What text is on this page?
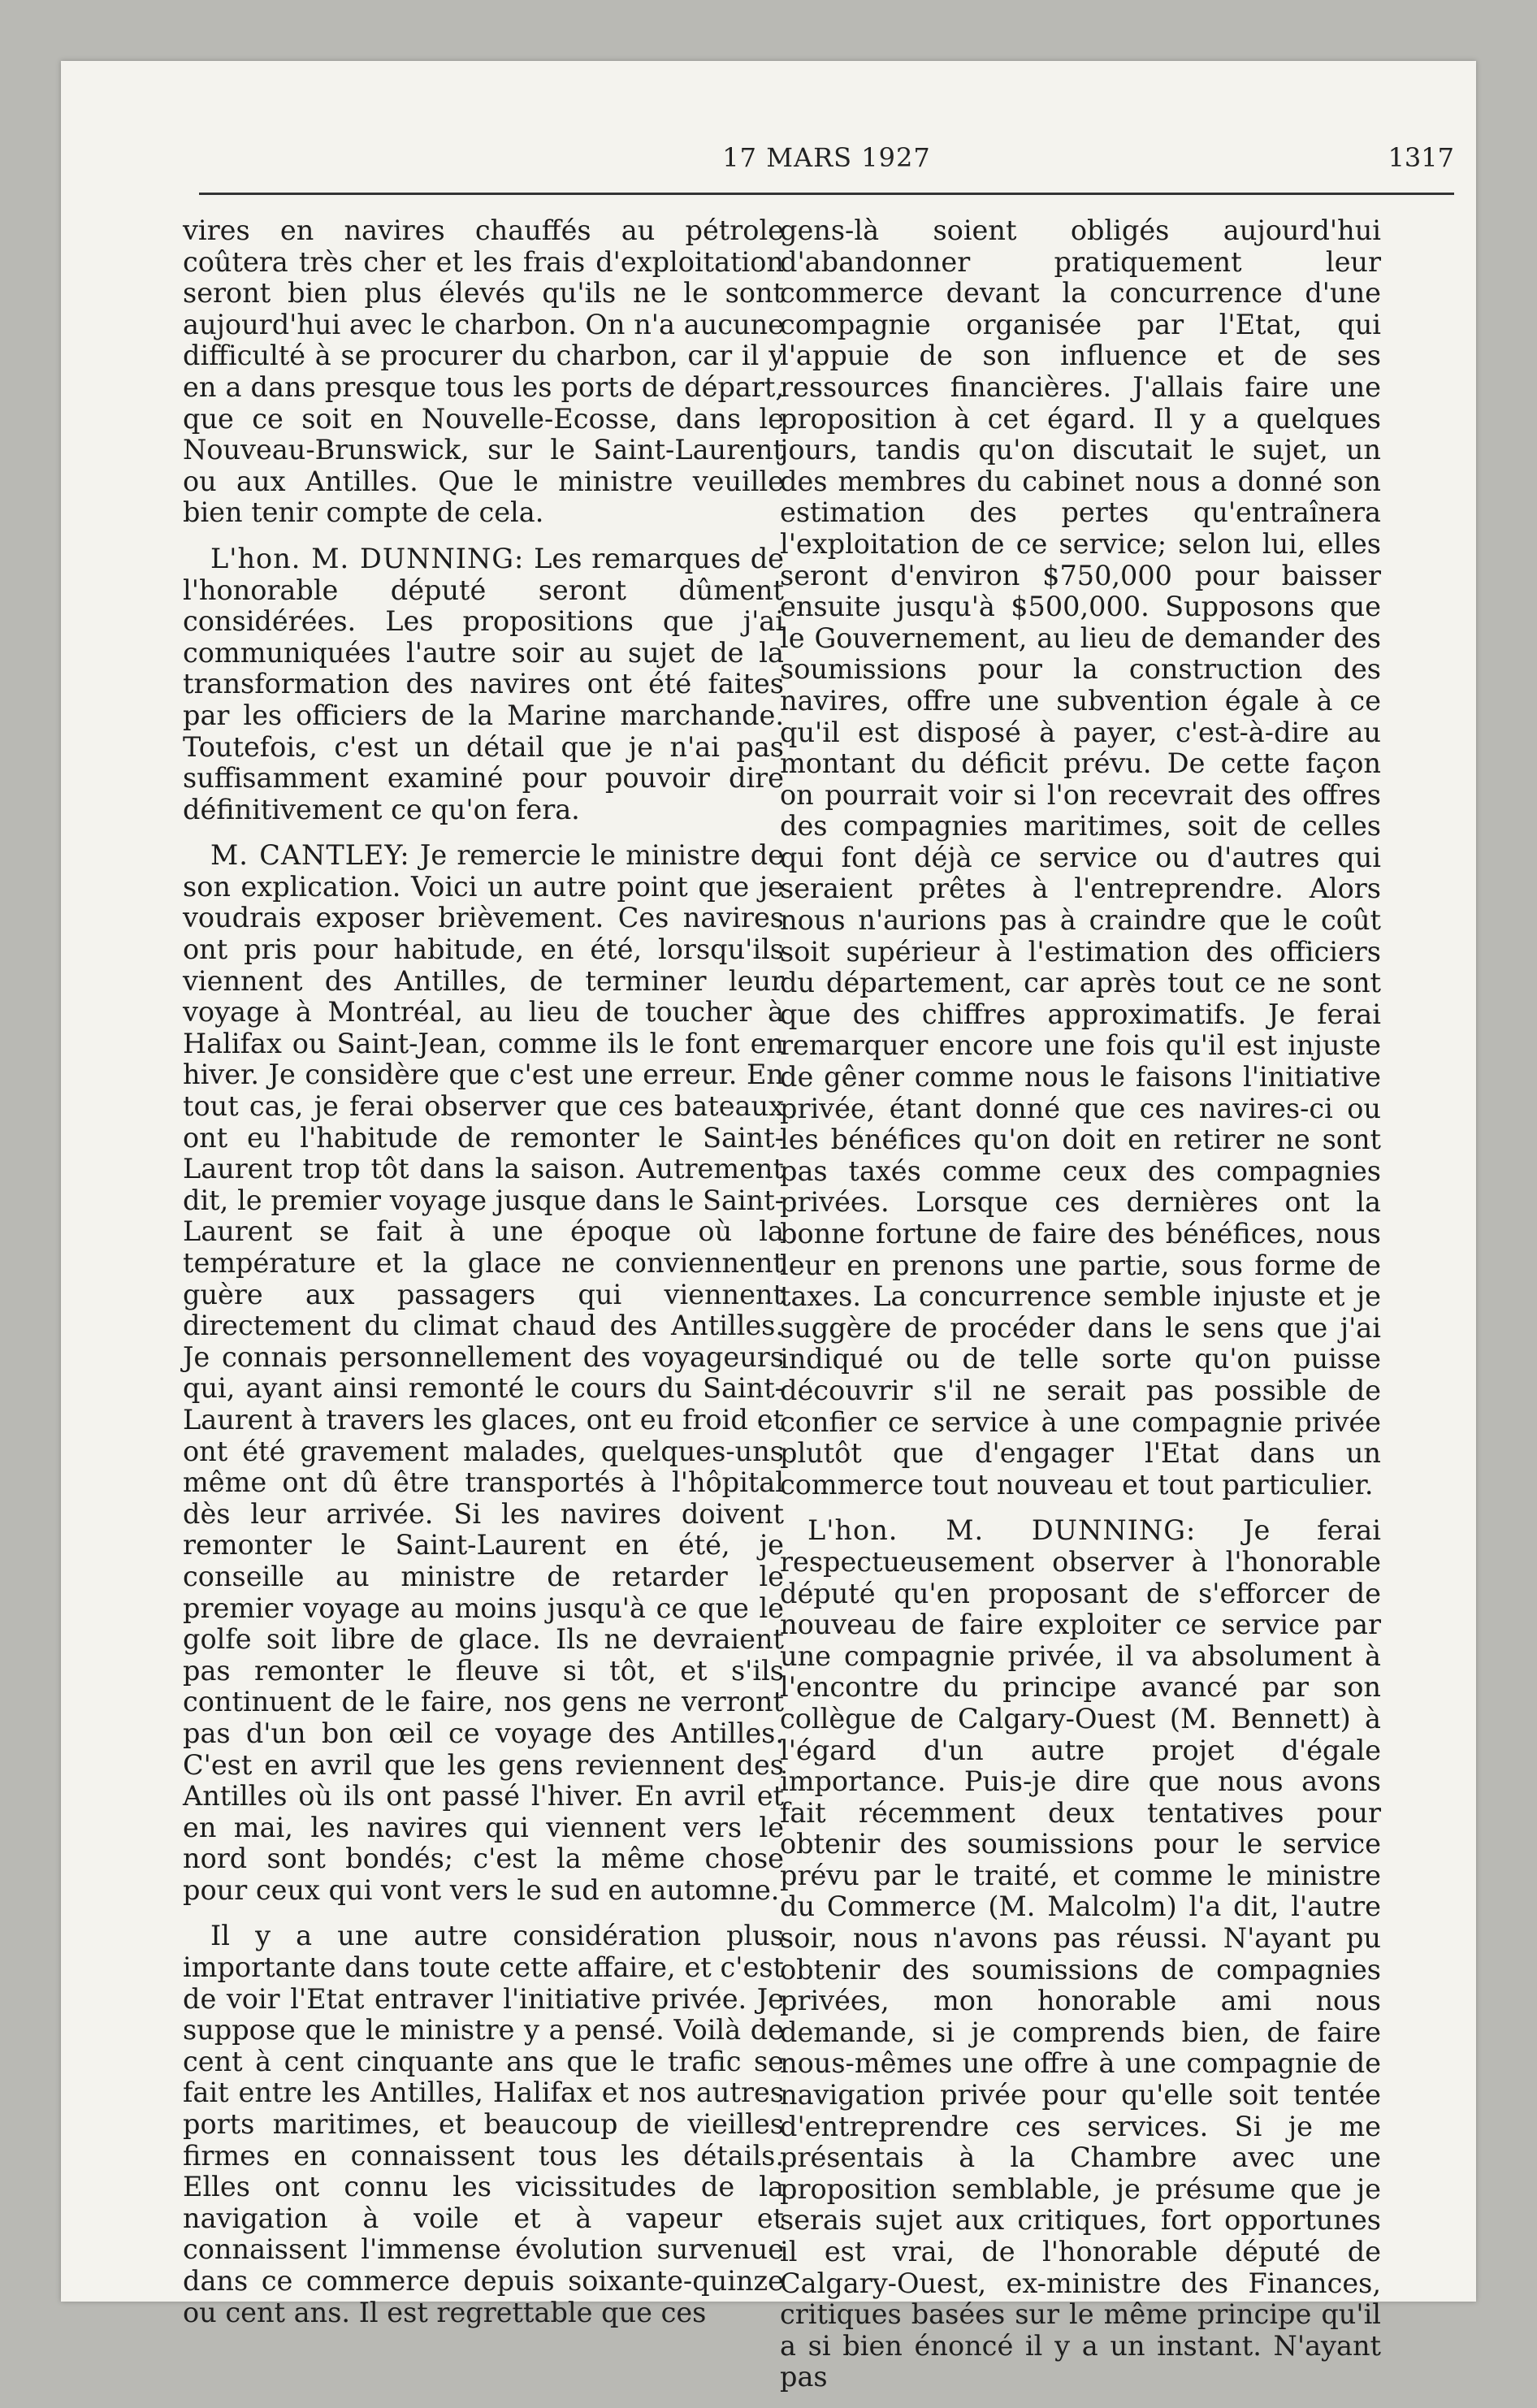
17 MARS 1927	1317

vires en navires chauffés au pétrole coûtera très cher et les frais d'exploitation seront bien plus élevés qu'ils ne le sont aujourd'hui avec le charbon. On n'a aucune difficulté à se procurer du charbon, car il y en a dans presque tous les ports de départ, que ce soit en Nouvelle-Ecosse, dans le Nouveau-Brunswick, sur le Saint-Laurent ou aux Antilles. Que le ministre veuille bien tenir compte de cela.

L'hon. M. DUNNING: Les remarques de l'honorable député seront dûment considérées. Les propositions que j'ai communiquées l'autre soir au sujet de la transformation des navires ont été faites par les officiers de la Marine marchande. Toutefois, c'est un détail que je n'ai pas suffisamment examiné pour pouvoir dire définitivement ce qu'on fera.

M. CANTLEY: Je remercie le ministre de son explication. Voici un autre point que je voudrais exposer brièvement. Ces navires ont pris pour habitude, en été, lorsqu'ils viennent des Antilles, de terminer leur voyage à Montréal, au lieu de toucher à Halifax ou Saint-Jean, comme ils le font en hiver. Je considère que c'est une erreur. En tout cas, je ferai observer que ces bateaux ont eu l'habitude de remonter le Saint-Laurent trop tôt dans la saison. Autrement dit, le premier voyage jusque dans le Saint-Laurent se fait à une époque où la température et la glace ne conviennent guère aux passagers qui viennent directement du climat chaud des Antilles. Je connais personnellement des voyageurs qui, ayant ainsi remonté le cours du Saint-Laurent à travers les glaces, ont eu froid et ont été gravement malades, quelques-uns même ont dû être transportés à l'hôpital dès leur arrivée. Si les navires doivent remonter le Saint-Laurent en été, je conseille au ministre de retarder le premier voyage au moins jusqu'à ce que le golfe soit libre de glace. Ils ne devraient pas remonter le fleuve si tôt, et s'ils continuent de le faire, nos gens ne verront pas d'un bon œil ce voyage des Antilles. C'est en avril que les gens reviennent des Antilles où ils ont passé l'hiver. En avril et en mai, les navires qui viennent vers le nord sont bondés; c'est la même chose pour ceux qui vont vers le sud en automne.

Il y a une autre considération plus importante dans toute cette affaire, et c'est de voir l'Etat entraver l'initiative privée. Je suppose que le ministre y a pensé. Voilà de cent à cent cinquante ans que le trafic se fait entre les Antilles, Halifax et nos autres ports maritimes, et beaucoup de vieilles firmes en connaissent tous les détails. Elles ont connu les vicissitudes de la navigation à voile et à vapeur et connaissent l'immense évolution survenue dans ce commerce depuis soixante-quinze ou cent ans. Il est regrettable que ces

gens-là soient obligés aujourd'hui d'abandonner pratiquement leur commerce devant la concurrence d'une compagnie organisée par l'Etat, qui l'appuie de son influence et de ses ressources financières. J'allais faire une proposition à cet égard. Il y a quelques jours, tandis qu'on discutait le sujet, un des membres du cabinet nous a donné son estimation des pertes qu'entraînera l'exploitation de ce service; selon lui, elles seront d'environ $750,000 pour baisser ensuite jusqu'à $500,000. Supposons que le Gouvernement, au lieu de demander des soumissions pour la construction des navires, offre une subvention égale à ce qu'il est disposé à payer, c'est-à-dire au montant du déficit prévu. De cette façon on pourrait voir si l'on recevrait des offres des compagnies maritimes, soit de celles qui font déjà ce service ou d'autres qui seraient prêtes à l'entreprendre. Alors nous n'aurions pas à craindre que le coût soit supérieur à l'estimation des officiers du département, car après tout ce ne sont que des chiffres approximatifs. Je ferai remarquer encore une fois qu'il est injuste de gêner comme nous le faisons l'initiative privée, étant donné que ces navires-ci ou les bénéfices qu'on doit en retirer ne sont pas taxés comme ceux des compagnies privées. Lorsque ces dernières ont la bonne fortune de faire des bénéfices, nous leur en prenons une partie, sous forme de taxes. La concurrence semble injuste et je suggère de procéder dans le sens que j'ai indiqué ou de telle sorte qu'on puisse découvrir s'il ne serait pas possible de confier ce service à une compagnie privée plutôt que d'engager l'Etat dans un commerce tout nouveau et tout particulier.

L'hon. M. DUNNING: Je ferai respectueusement observer à l'honorable député qu'en proposant de s'efforcer de nouveau de faire exploiter ce service par une compagnie privée, il va absolument à l'encontre du principe avancé par son collègue de Calgary-Ouest (M. Bennett) à l'égard d'un autre projet d'égale importance. Puis-je dire que nous avons fait récemment deux tentatives pour obtenir des soumissions pour le service prévu par le traité, et comme le ministre du Commerce (M. Malcolm) l'a dit, l'autre soir, nous n'avons pas réussi. N'ayant pu obtenir des soumissions de compagnies privées, mon honorable ami nous demande, si je comprends bien, de faire nous-mêmes une offre à une compagnie de navigation privée pour qu'elle soit tentée d'entreprendre ces services. Si je me présentais à la Chambre avec une proposition semblable, je présume que je serais sujet aux critiques, fort opportunes il est vrai, de l'honorable député de Calgary-Ouest, ex-ministre des Finances, critiques basées sur le même principe qu'il a si bien énoncé il y a un instant. N'ayant pas
